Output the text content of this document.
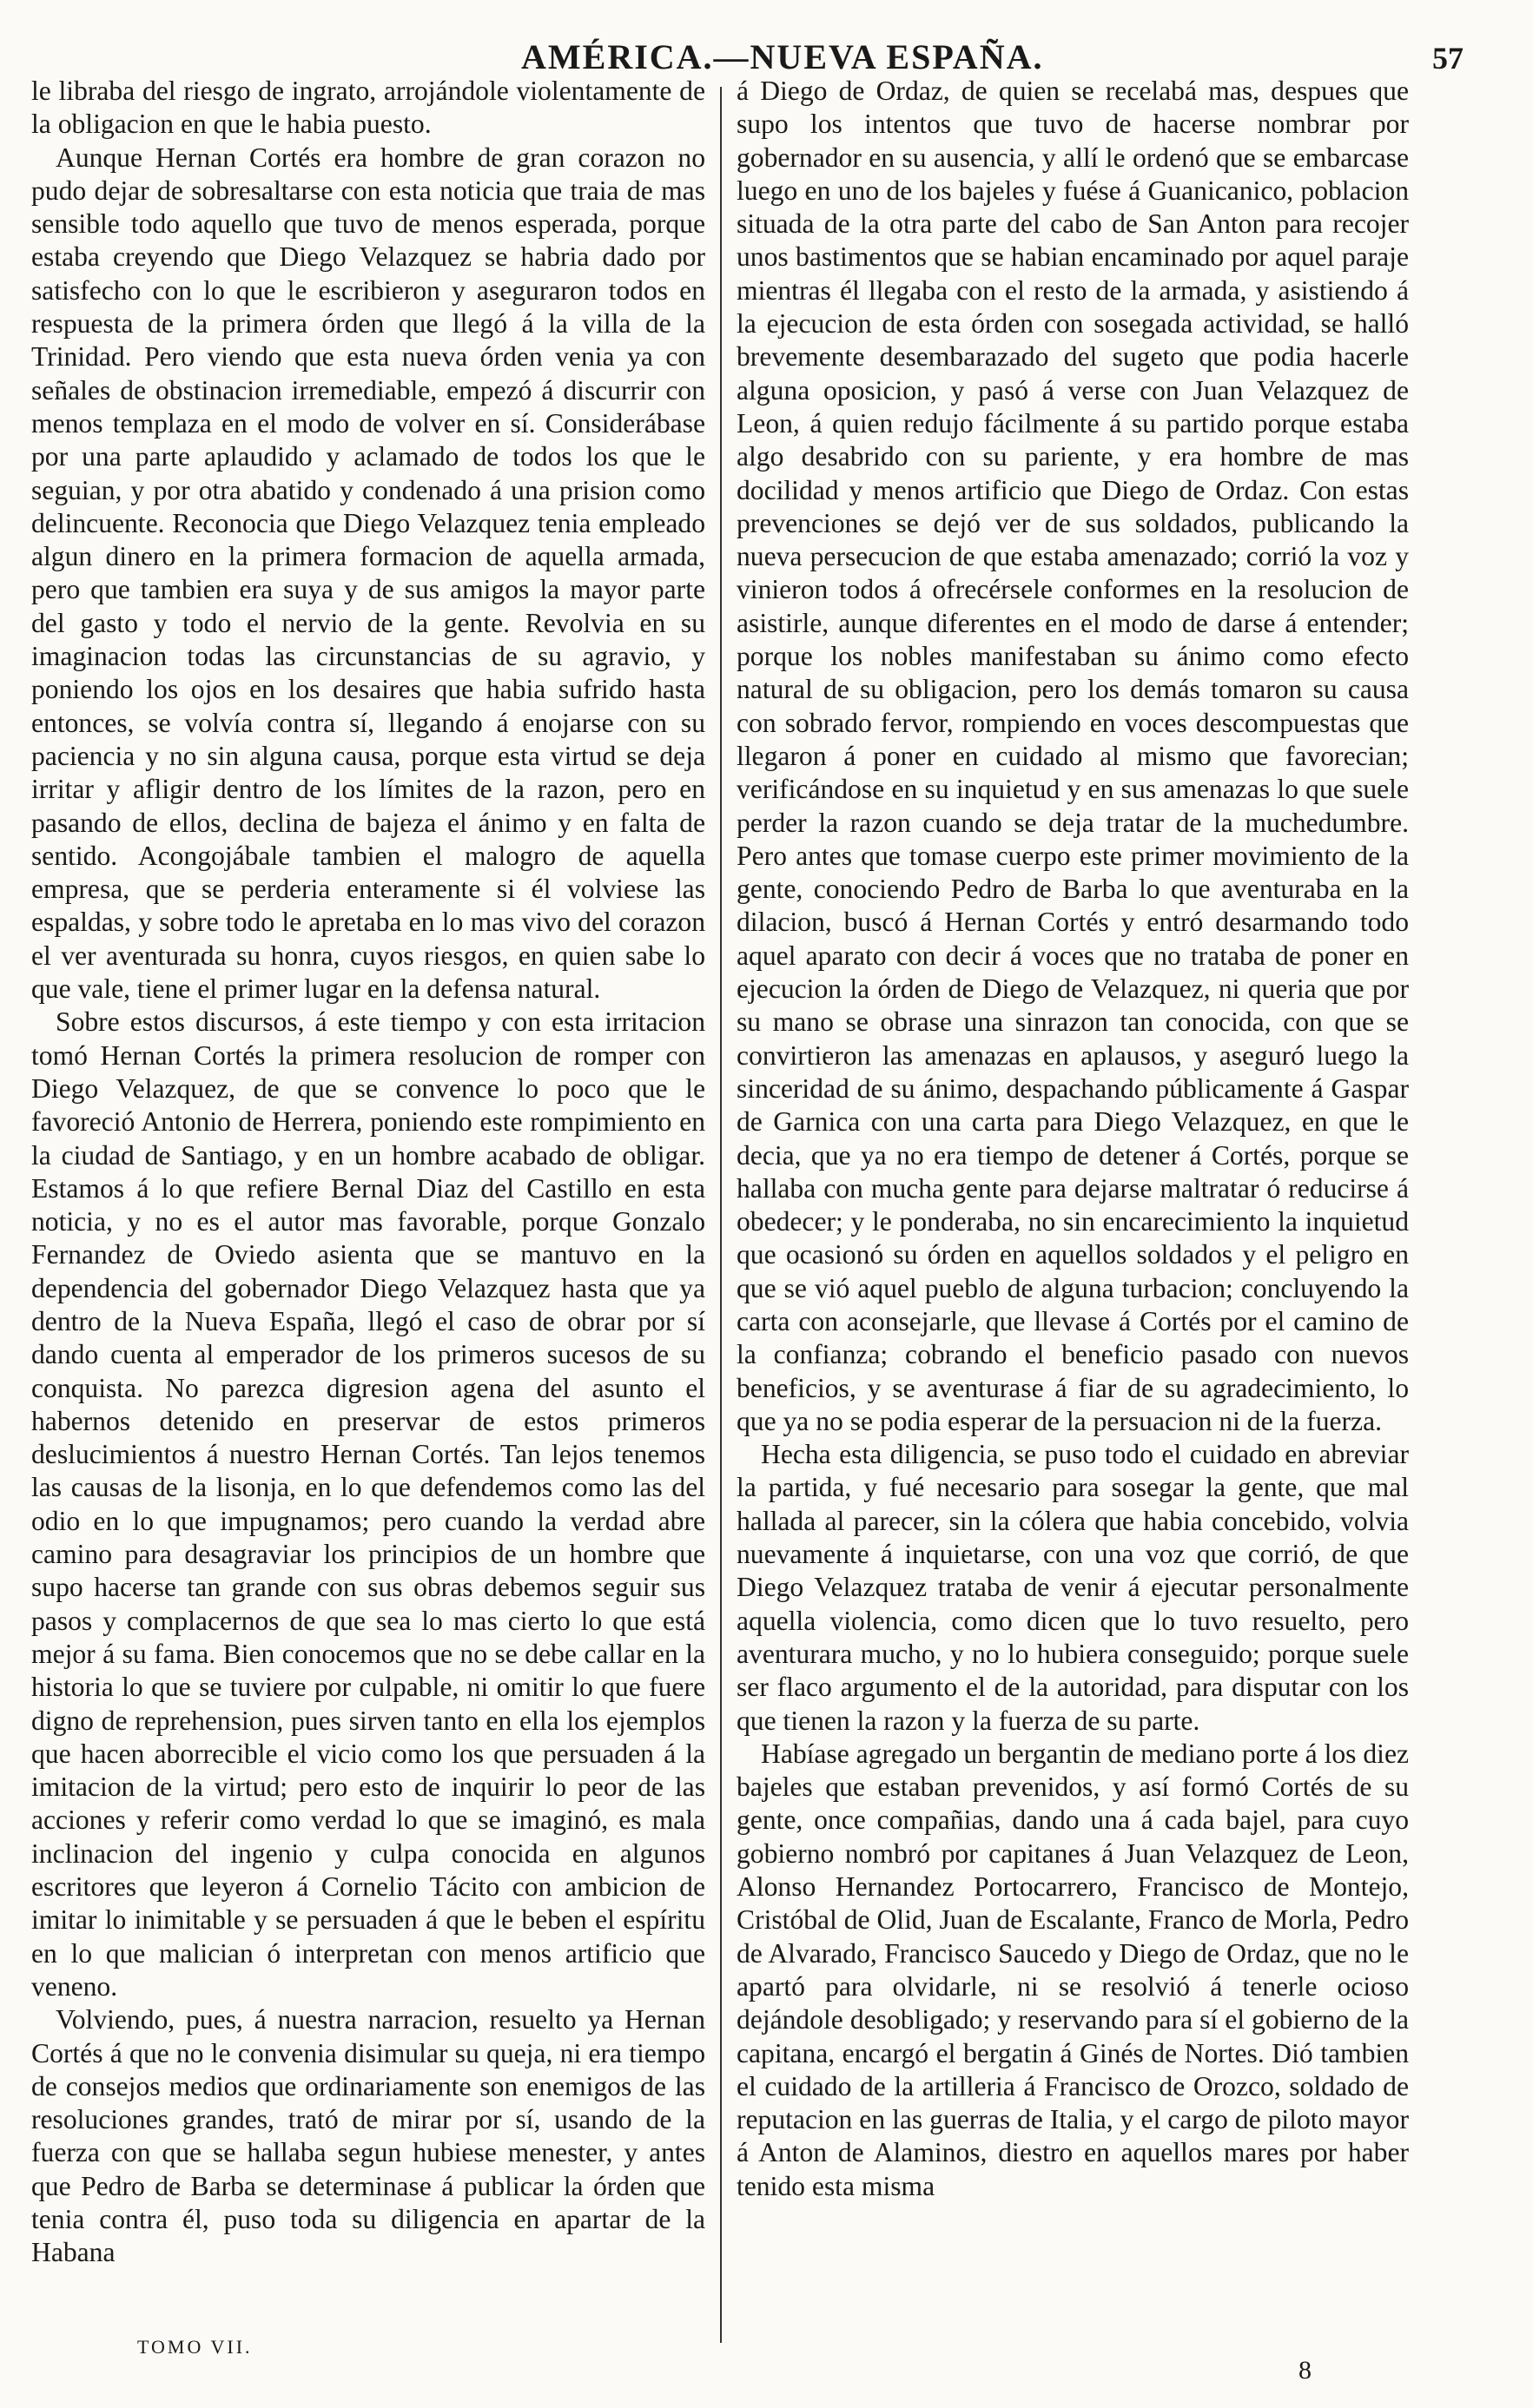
AMÉRICA.—NUEVA ESPAÑA.	57

le libraba del riesgo de ingrato, arrojándole violentamente de la obligacion en que le habia puesto.

Aunque Hernan Cortés era hombre de gran corazon no pudo dejar de sobresaltarse con esta noticia que traia de mas sensible todo aquello que tuvo de menos esperada, porque estaba creyendo que Diego Velazquez se habria dado por satisfecho con lo que le escribieron y aseguraron todos en respuesta de la primera órden que llegó á la villa de la Trinidad. Pero viendo que esta nueva órden venia ya con señales de obstinacion irremediable, empezó á discurrir con menos templaza en el modo de volver en sí. Considerábase por una parte aplaudido y aclamado de todos los que le seguian, y por otra abatido y condenado á una prision como delincuente. Reconocia que Diego Velazquez tenia empleado algun dinero en la primera formacion de aquella armada, pero que tambien era suya y de sus amigos la mayor parte del gasto y todo el nervio de la gente. Revolvia en su imaginacion todas las circunstancias de su agravio, y poniendo los ojos en los desaires que habia sufrido hasta entonces, se volvía contra sí, llegando á enojarse con su paciencia y no sin alguna causa, porque esta virtud se deja irritar y afligir dentro de los límites de la razon, pero en pasando de ellos, declina de bajeza el ánimo y en falta de sentido. Acongojábale tambien el malogro de aquella empresa, que se perderia enteramente si él volviese las espaldas, y sobre todo le apretaba en lo mas vivo del corazon el ver aventurada su honra, cuyos riesgos, en quien sabe lo que vale, tiene el primer lugar en la defensa natural.

Sobre estos discursos, á este tiempo y con esta irritacion tomó Hernan Cortés la primera resolucion de romper con Diego Velazquez, de que se convence lo poco que le favoreció Antonio de Herrera, poniendo este rompimiento en la ciudad de Santiago, y en un hombre acabado de obligar. Estamos á lo que refiere Bernal Diaz del Castillo en esta noticia, y no es el autor mas favorable, porque Gonzalo Fernandez de Oviedo asienta que se mantuvo en la dependencia del gobernador Diego Velazquez hasta que ya dentro de la Nueva España, llegó el caso de obrar por sí dando cuenta al emperador de los primeros sucesos de su conquista. No parezca digresion agena del asunto el habernos detenido en preservar de estos primeros deslucimientos á nuestro Hernan Cortés. Tan lejos tenemos las causas de la lisonja, en lo que defendemos como las del odio en lo que impugnamos; pero cuando la verdad abre camino para desagraviar los principios de un hombre que supo hacerse tan grande con sus obras debemos seguir sus pasos y complacernos de que sea lo mas cierto lo que está mejor á su fama. Bien conocemos que no se debe callar en la historia lo que se tuviere por culpable, ni omitir lo que fuere digno de reprehension, pues sirven tanto en ella los ejemplos que hacen aborrecible el vicio como los que persuaden á la imitacion de la virtud; pero esto de inquirir lo peor de las acciones y referir como verdad lo que se imaginó, es mala inclinacion del ingenio y culpa conocida en algunos escritores que leyeron á Cornelio Tácito con ambicion de imitar lo inimitable y se persuaden á que le beben el espíritu en lo que malician ó interpretan con menos artificio que veneno.

Volviendo, pues, á nuestra narracion, resuelto ya Hernan Cortés á que no le convenia disimular su queja, ni era tiempo de consejos medios que ordinariamente son enemigos de las resoluciones grandes, trató de mirar por sí, usando de la fuerza con que se hallaba segun hubiese menester, y antes que Pedro de Barba se determinase á publicar la órden que tenia contra él, puso toda su diligencia en apartar de la Habana

á Diego de Ordaz, de quien se recelabá mas, despues que supo los intentos que tuvo de hacerse nombrar por gobernador en su ausencia, y allí le ordenó que se embarcase luego en uno de los bajeles y fuése á Guanicanico, poblacion situada de la otra parte del cabo de San Anton para recojer unos bastimentos que se habian encaminado por aquel paraje mientras él llegaba con el resto de la armada, y asistiendo á la ejecucion de esta órden con sosegada actividad, se halló brevemente desembarazado del sugeto que podia hacerle alguna oposicion, y pasó á verse con Juan Velazquez de Leon, á quien redujo fácilmente á su partido porque estaba algo desabrido con su pariente, y era hombre de mas docilidad y menos artificio que Diego de Ordaz. Con estas prevenciones se dejó ver de sus soldados, publicando la nueva persecucion de que estaba amenazado; corrió la voz y vinieron todos á ofrecérsele conformes en la resolucion de asistirle, aunque diferentes en el modo de darse á entender; porque los nobles manifestaban su ánimo como efecto natural de su obligacion, pero los demás tomaron su causa con sobrado fervor, rompiendo en voces descompuestas que llegaron á poner en cuidado al mismo que favorecian; verificándose en su inquietud y en sus amenazas lo que suele perder la razon cuando se deja tratar de la muchedumbre. Pero antes que tomase cuerpo este primer movimiento de la gente, conociendo Pedro de Barba lo que aventuraba en la dilacion, buscó á Hernan Cortés y entró desarmando todo aquel aparato con decir á voces que no trataba de poner en ejecucion la órden de Diego de Velazquez, ni queria que por su mano se obrase una sinrazon tan conocida, con que se convirtieron las amenazas en aplausos, y aseguró luego la sinceridad de su ánimo, despachando públicamente á Gaspar de Garnica con una carta para Diego Velazquez, en que le decia, que ya no era tiempo de detener á Cortés, porque se hallaba con mucha gente para dejarse maltratar ó reducirse á obedecer; y le ponderaba, no sin encarecimiento la inquietud que ocasionó su órden en aquellos soldados y el peligro en que se vió aquel pueblo de alguna turbacion; concluyendo la carta con aconsejarle, que llevase á Cortés por el camino de la confianza; cobrando el beneficio pasado con nuevos beneficios, y se aventurase á fiar de su agradecimiento, lo que ya no se podia esperar de la persuacion ni de la fuerza.

Hecha esta diligencia, se puso todo el cuidado en abreviar la partida, y fué necesario para sosegar la gente, que mal hallada al parecer, sin la cólera que habia concebido, volvia nuevamente á inquietarse, con una voz que corrió, de que Diego Velazquez trataba de venir á ejecutar personalmente aquella violencia, como dicen que lo tuvo resuelto, pero aventurara mucho, y no lo hubiera conseguido; porque suele ser flaco argumento el de la autoridad, para disputar con los que tienen la razon y la fuerza de su parte.

Habíase agregado un bergantin de mediano porte á los diez bajeles que estaban prevenidos, y así formó Cortés de su gente, once compañias, dando una á cada bajel, para cuyo gobierno nombró por capitanes á Juan Velazquez de Leon, Alonso Hernandez Portocarrero, Francisco de Montejo, Cristóbal de Olid, Juan de Escalante, Franco de Morla, Pedro de Alvarado, Francisco Saucedo y Diego de Ordaz, que no le apartó para olvidarle, ni se resolvió á tenerle ocioso dejándole desobligado; y reservando para sí el gobierno de la capitana, encargó el bergatin á Ginés de Nortes. Dió tambien el cuidado de la artilleria á Francisco de Orozco, soldado de reputacion en las guerras de Italia, y el cargo de piloto mayor á Anton de Alaminos, diestro en aquellos mares por haber tenido esta misma

TOMO VII.
8
